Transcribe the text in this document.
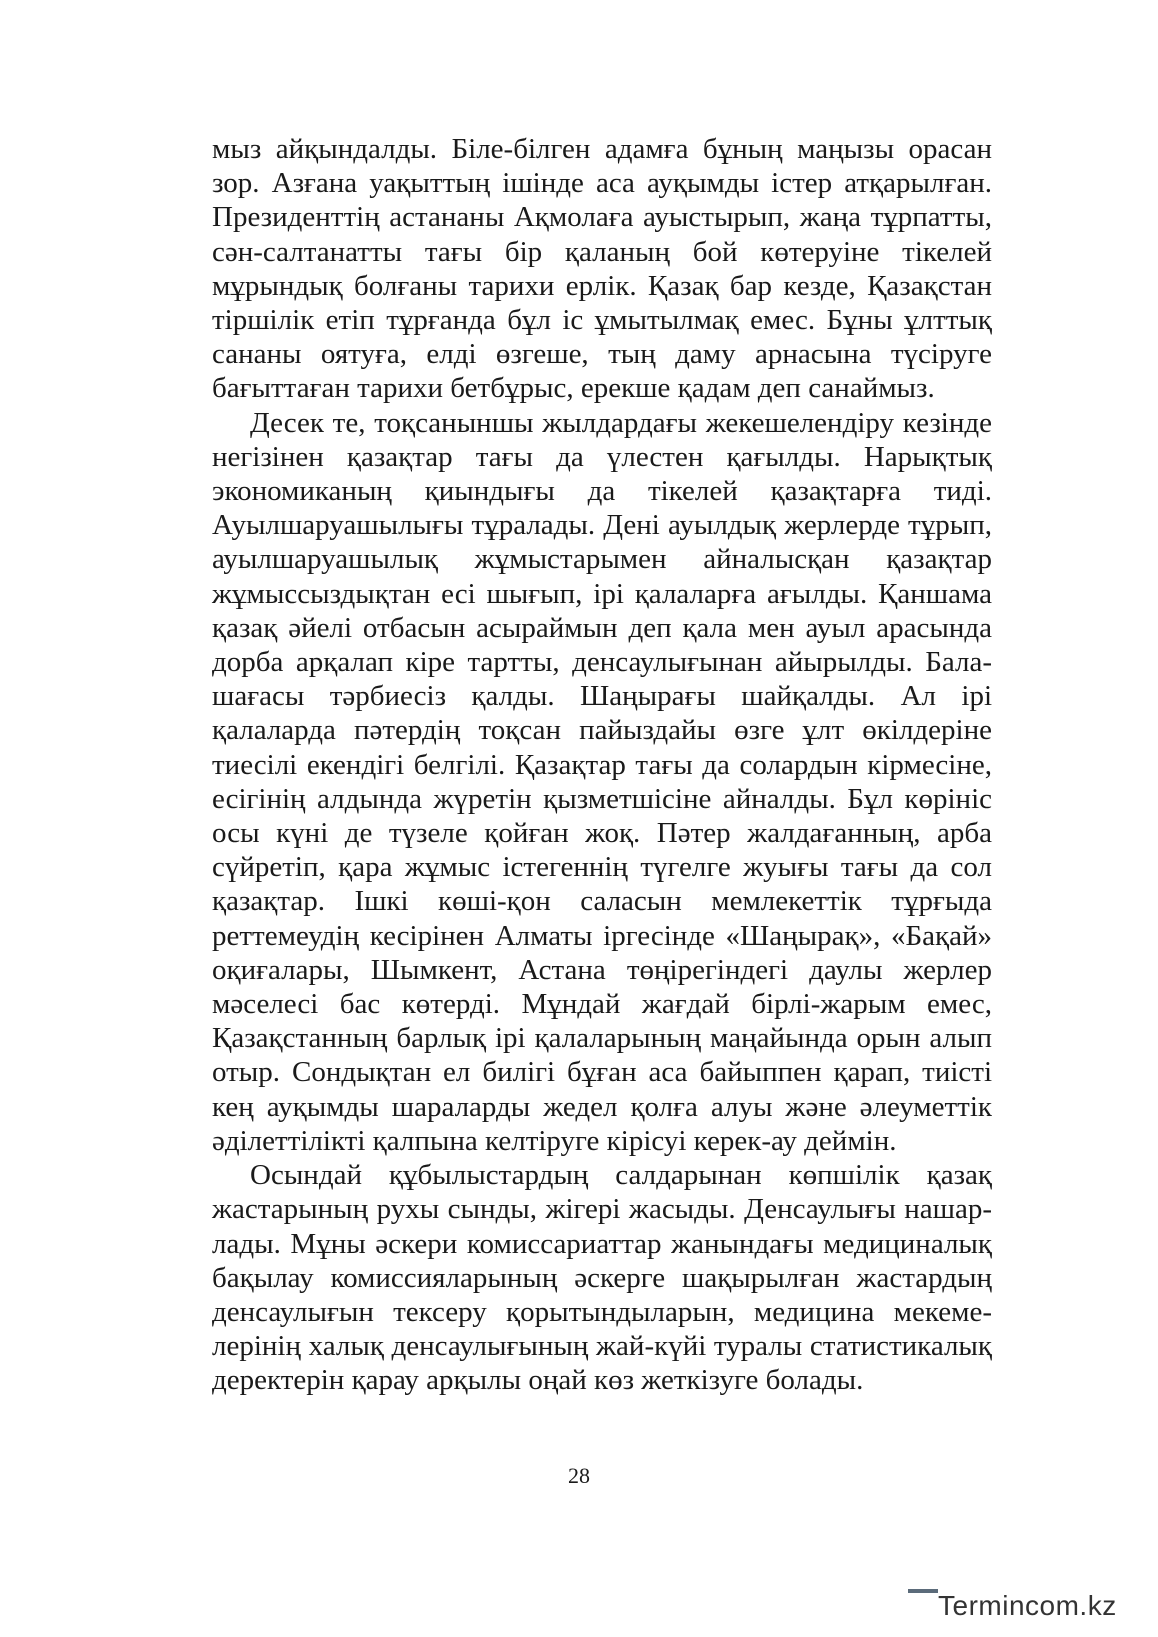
мыз айқындалды. Біле-білген адамға бұның маңызы орасан зор. Азғана уақыттың ішінде аса ауқымды істер атқарылған. Президенттің астананы Ақмолаға ауыстырып, жаңа тұрпатты, сән-салтанатты тағы бір қаланың бой көтеруіне тікелей мұрындық болғаны тарихи ерлік. Қазақ бар кезде, Қазақстан тіршілік етіп тұрғанда бұл іс ұмытылмақ емес. Бұны ұлттық сананы оятуға, елді өзгеше, тың даму арнасына түсіруге бағыттаған тарихи бетбұрыс, ерекше қадам деп санаймыз.

Десек те, тоқсаныншы жылдардағы жекешелендіру кезінде негізінен қазақтар тағы да үлестен қағылды. Нарықтық экономиканың қиындығы да тікелей қазақтарға тиді. Ауылшаруашылығы тұралады. Дені ауылдық жерлерде тұрып, ауылшаруашылық жұмыстарымен айналысқан қазақтар жұмыссыздықтан есі шығып, ірі қалаларға ағылды. Қаншама қазақ әйелі отбасын асыраймын деп қала мен ауыл арасында дорба арқалап кіре тартты, денсаулығынан айырылды. Балашағасы тәрбиесіз қалды. Шаңырағы шайқалды. Ал ірі қалаларда пәтердің тоқсан пайыздайы өзге ұлт өкілдеріне тиесілі екендігі белгілі. Қазақтар тағы да солардын кірмесіне, есігінің алдында жүретін қызметшісіне айналды. Бұл көрініс осы күні де түзеле қойған жоқ. Пәтер жалдағанның, арба сүйретіп, қара жұмыс істегеннің түгелге жуығы тағы да сол қазақтар. Ішкі көші-қон саласын мемлекеттік тұрғыда реттемеудің кесірінен Алматы іргесінде «Шаңырақ», «Бақай» оқиғалары, Шымкент, Астана төңірегіндегі даулы жерлер мәселесі бас көтерді. Мұндай жағдай бірлі-жарым емес, Қазақстанның барлық ірі қалаларының маңайында орын алып отыр. Сондықтан ел билігі бұған аса байыппен қарап, тиісті кең ауқымды шараларды жедел қолға алуы және әлеуметтік әділеттілікті қалпына келтіруге кірісуі керек-ау деймін.

Осындай құбылыстардың салдарынан көпшілік қазақ жастарының рухы сынды, жігері жасыды. Денсаулығы нашарлады. Мұны әскери комиссариаттар жанындағы медициналық бақылау комиссияларының әскерге шақырылған жастардың денсаулығын тексеру қорытындыларын, медицина мекемелерінің халық денсаулығының жай-күйі туралы статистикалық деректерін қарау арқылы оңай көз жеткізуге болады.

28
Termincom.kz
